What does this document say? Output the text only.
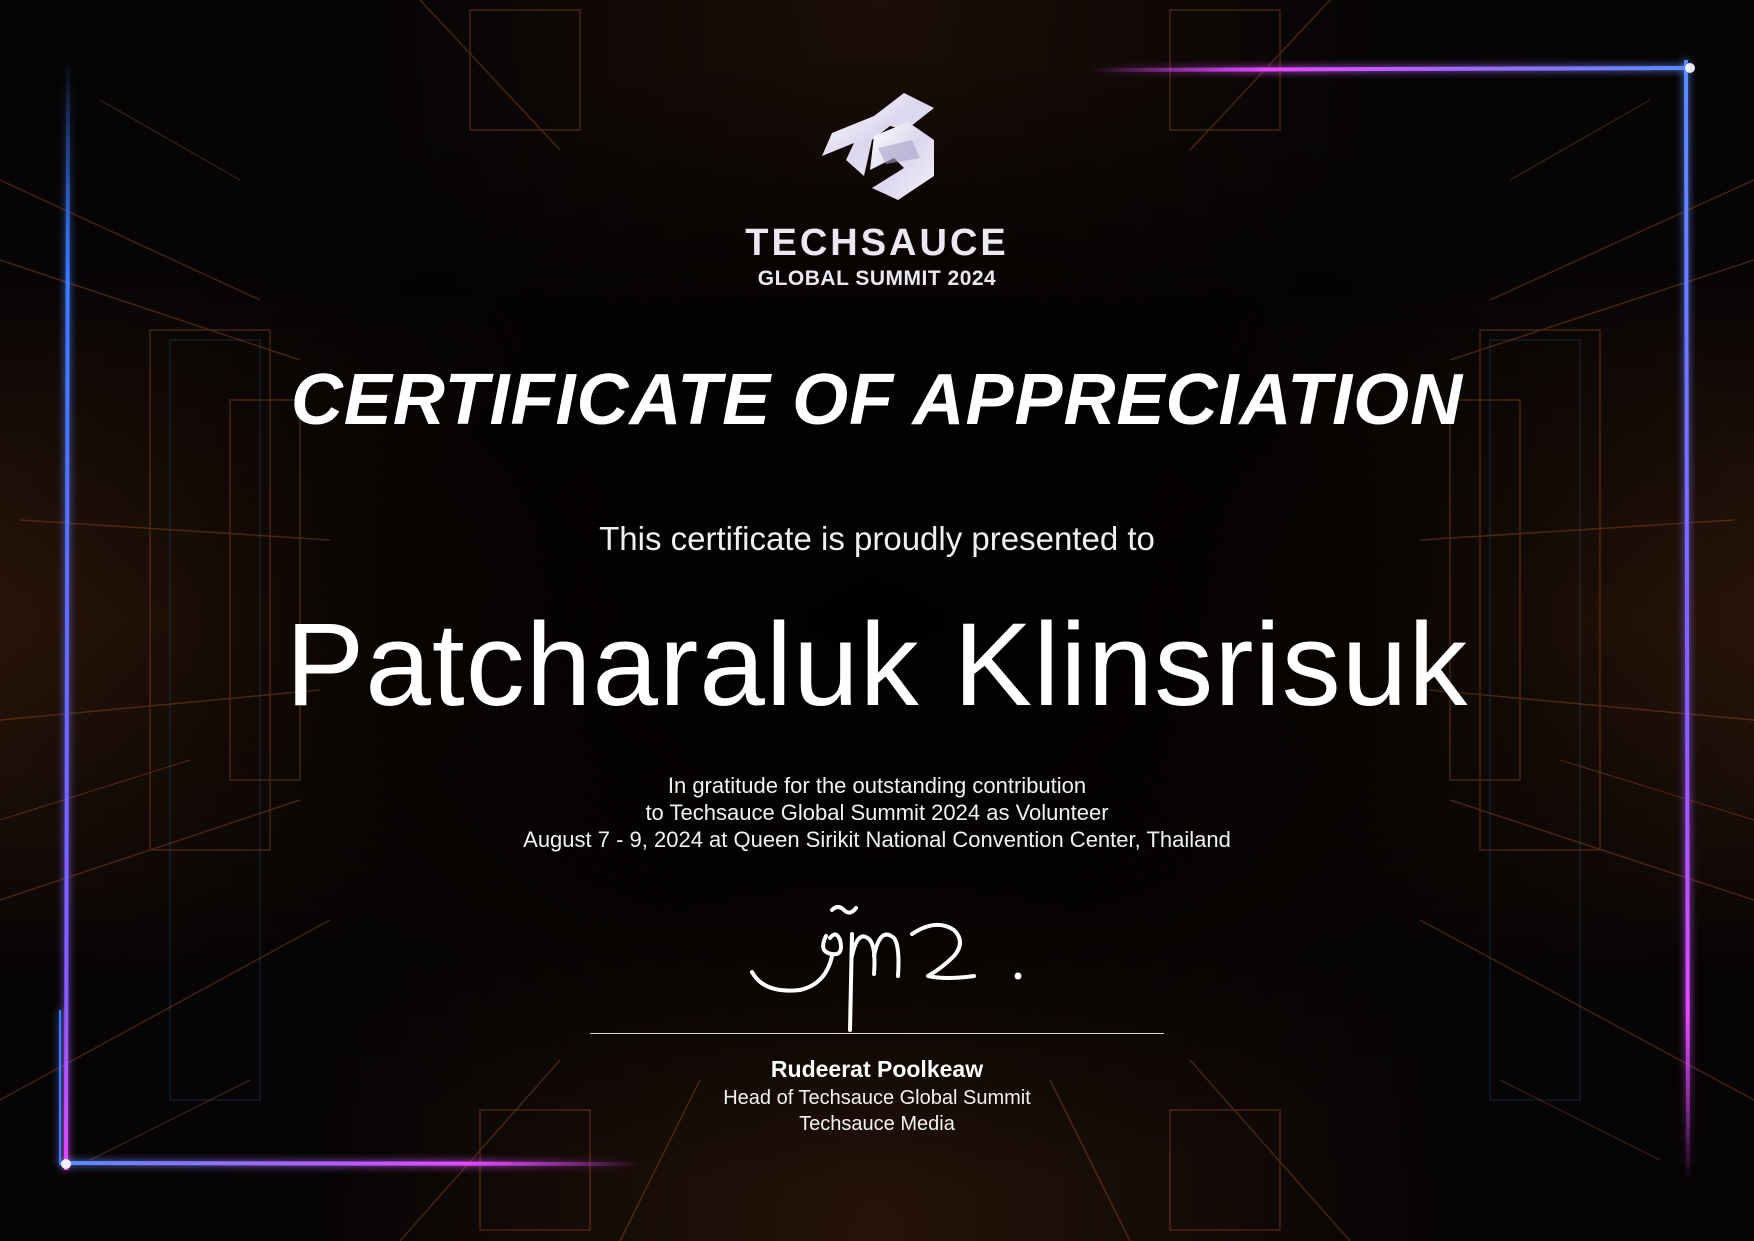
TECHSAUCE
GLOBAL SUMMIT 2024
CERTIFICATE OF APPRECIATION
This certificate is proudly presented to
Patcharaluk Klinsrisuk
In gratitude for the outstanding contribution
to Techsauce Global Summit 2024 as Volunteer
August 7 - 9, 2024 at Queen Sirikit National Convention Center, Thailand
Rudeerat Poolkeaw
Head of Techsauce Global Summit
Techsauce Media
